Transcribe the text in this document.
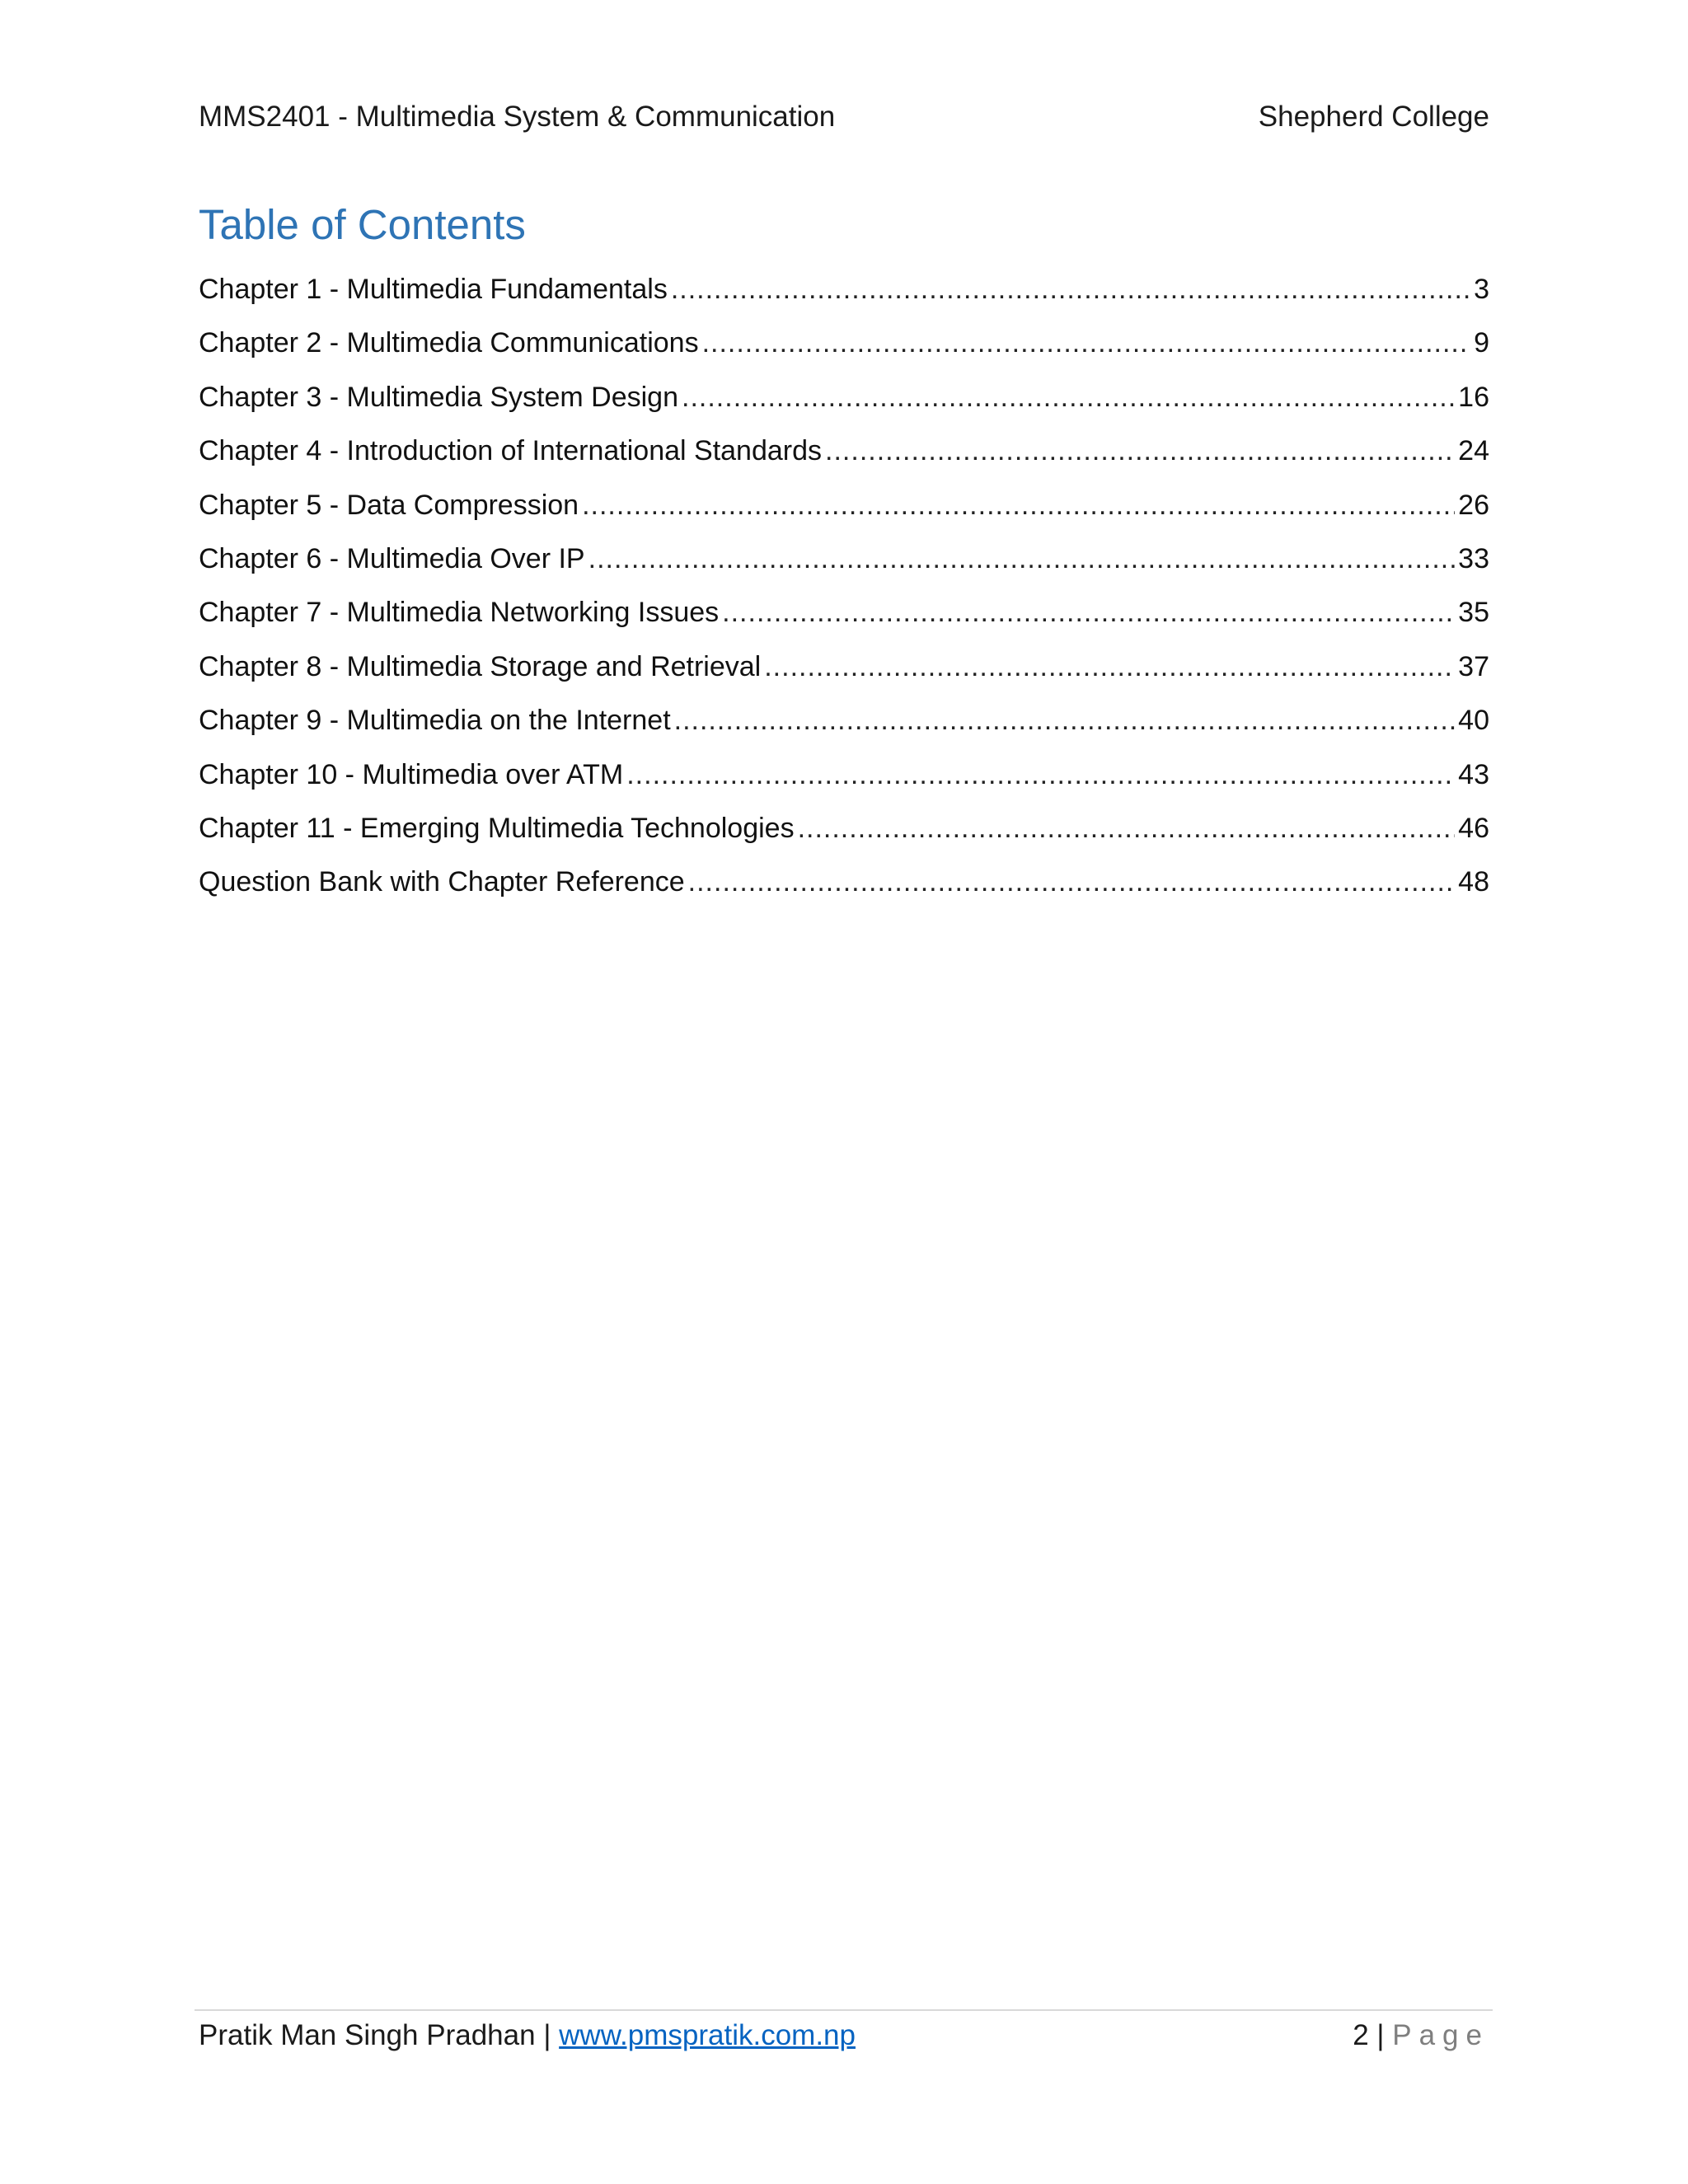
MMS2401 - Multimedia System & Communication	Shepherd College
Table of Contents
Chapter 1 - Multimedia Fundamentals .....	3
Chapter 2 - Multimedia Communications .....	9
Chapter 3 - Multimedia System Design .....	16
Chapter 4 - Introduction of International Standards .....	24
Chapter 5 - Data Compression .....	26
Chapter 6 - Multimedia Over IP .....	33
Chapter 7 - Multimedia Networking Issues .....	35
Chapter 8 - Multimedia Storage and Retrieval .....	37
Chapter 9 - Multimedia on the Internet .....	40
Chapter 10 - Multimedia over ATM .....	43
Chapter 11 - Emerging Multimedia Technologies .....	46
Question Bank with Chapter Reference .....	48
Pratik Man Singh Pradhan | www.pmspratik.com.np	2 | Page
